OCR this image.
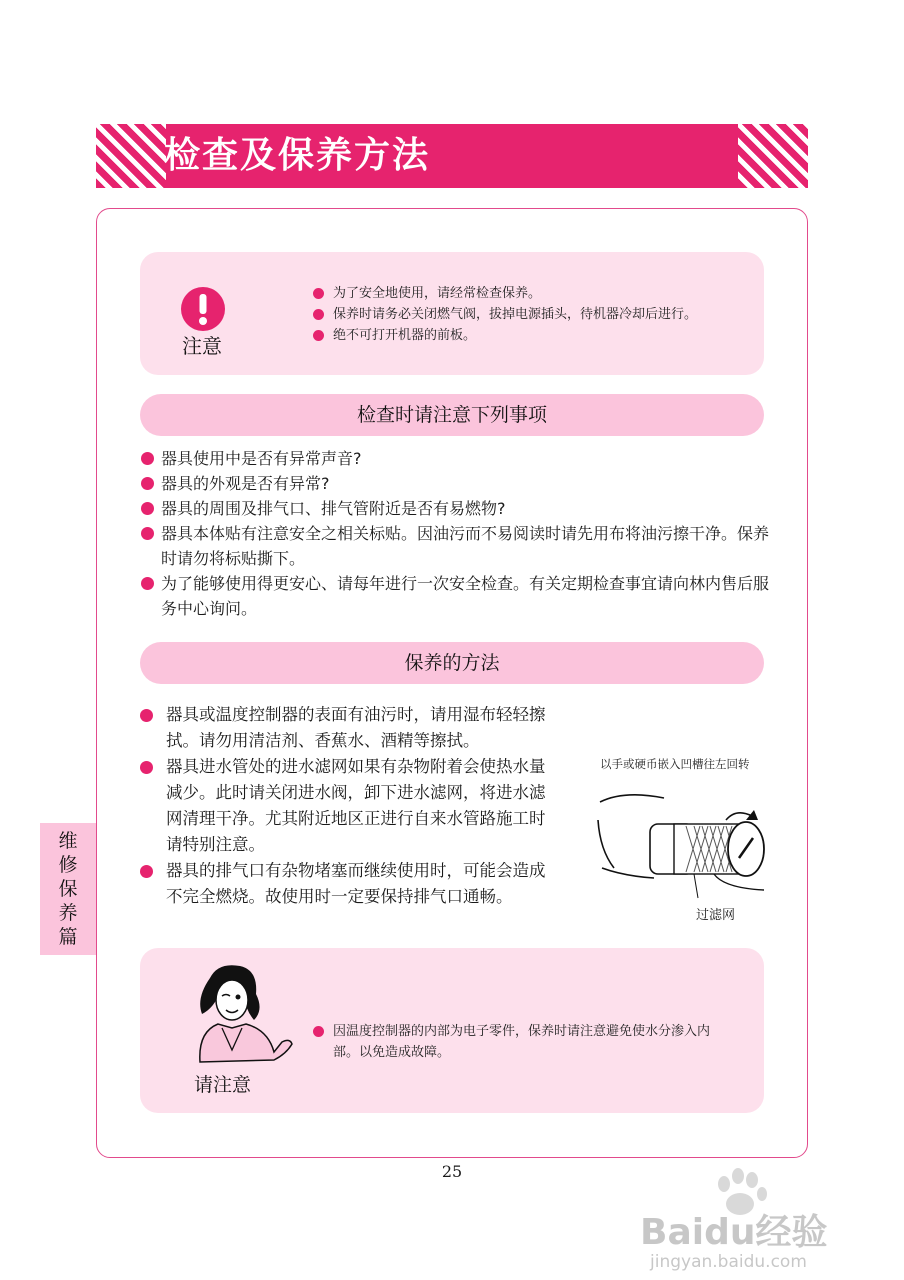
检查及保养方法
注意
为了安全地使用，请经常检查保养。
保养时请务必关闭燃气阀，拔掉电源插头，待机器冷却后进行。
绝不可打开机器的前板。
检查时请注意下列事项
器具使用中是否有异常声音?
器具的外观是否有异常?
器具的周围及排气口、排气管附近是否有易燃物?
器具本体贴有注意安全之相关标贴。因油污而不易阅读时请先用布将油污擦干净。保养时请勿将标贴撕下。
为了能够使用得更安心、请每年进行一次安全检查。有关定期检查事宜请向林内售后服务中心询问。
保养的方法
器具或温度控制器的表面有油污时，请用湿布轻轻擦拭。请勿用清洁剂、香蕉水、酒精等擦拭。
器具进水管处的进水滤网如果有杂物附着会使热水量减少。此时请关闭进水阀，卸下进水滤网，将进水滤网清理干净。尤其附近地区正进行自来水管路施工时请特别注意。
器具的排气口有杂物堵塞而继续使用时，可能会造成不完全燃烧。故使用时一定要保持排气口通畅。
以手或硬币嵌入凹槽往左回转
过滤网
维
修
保
养
篇
请注意
因温度控制器的内部为电子零件，保养时请注意避免使水分渗入内部。以免造成故障。
25
Baidu经验
jingyan.baidu.com
